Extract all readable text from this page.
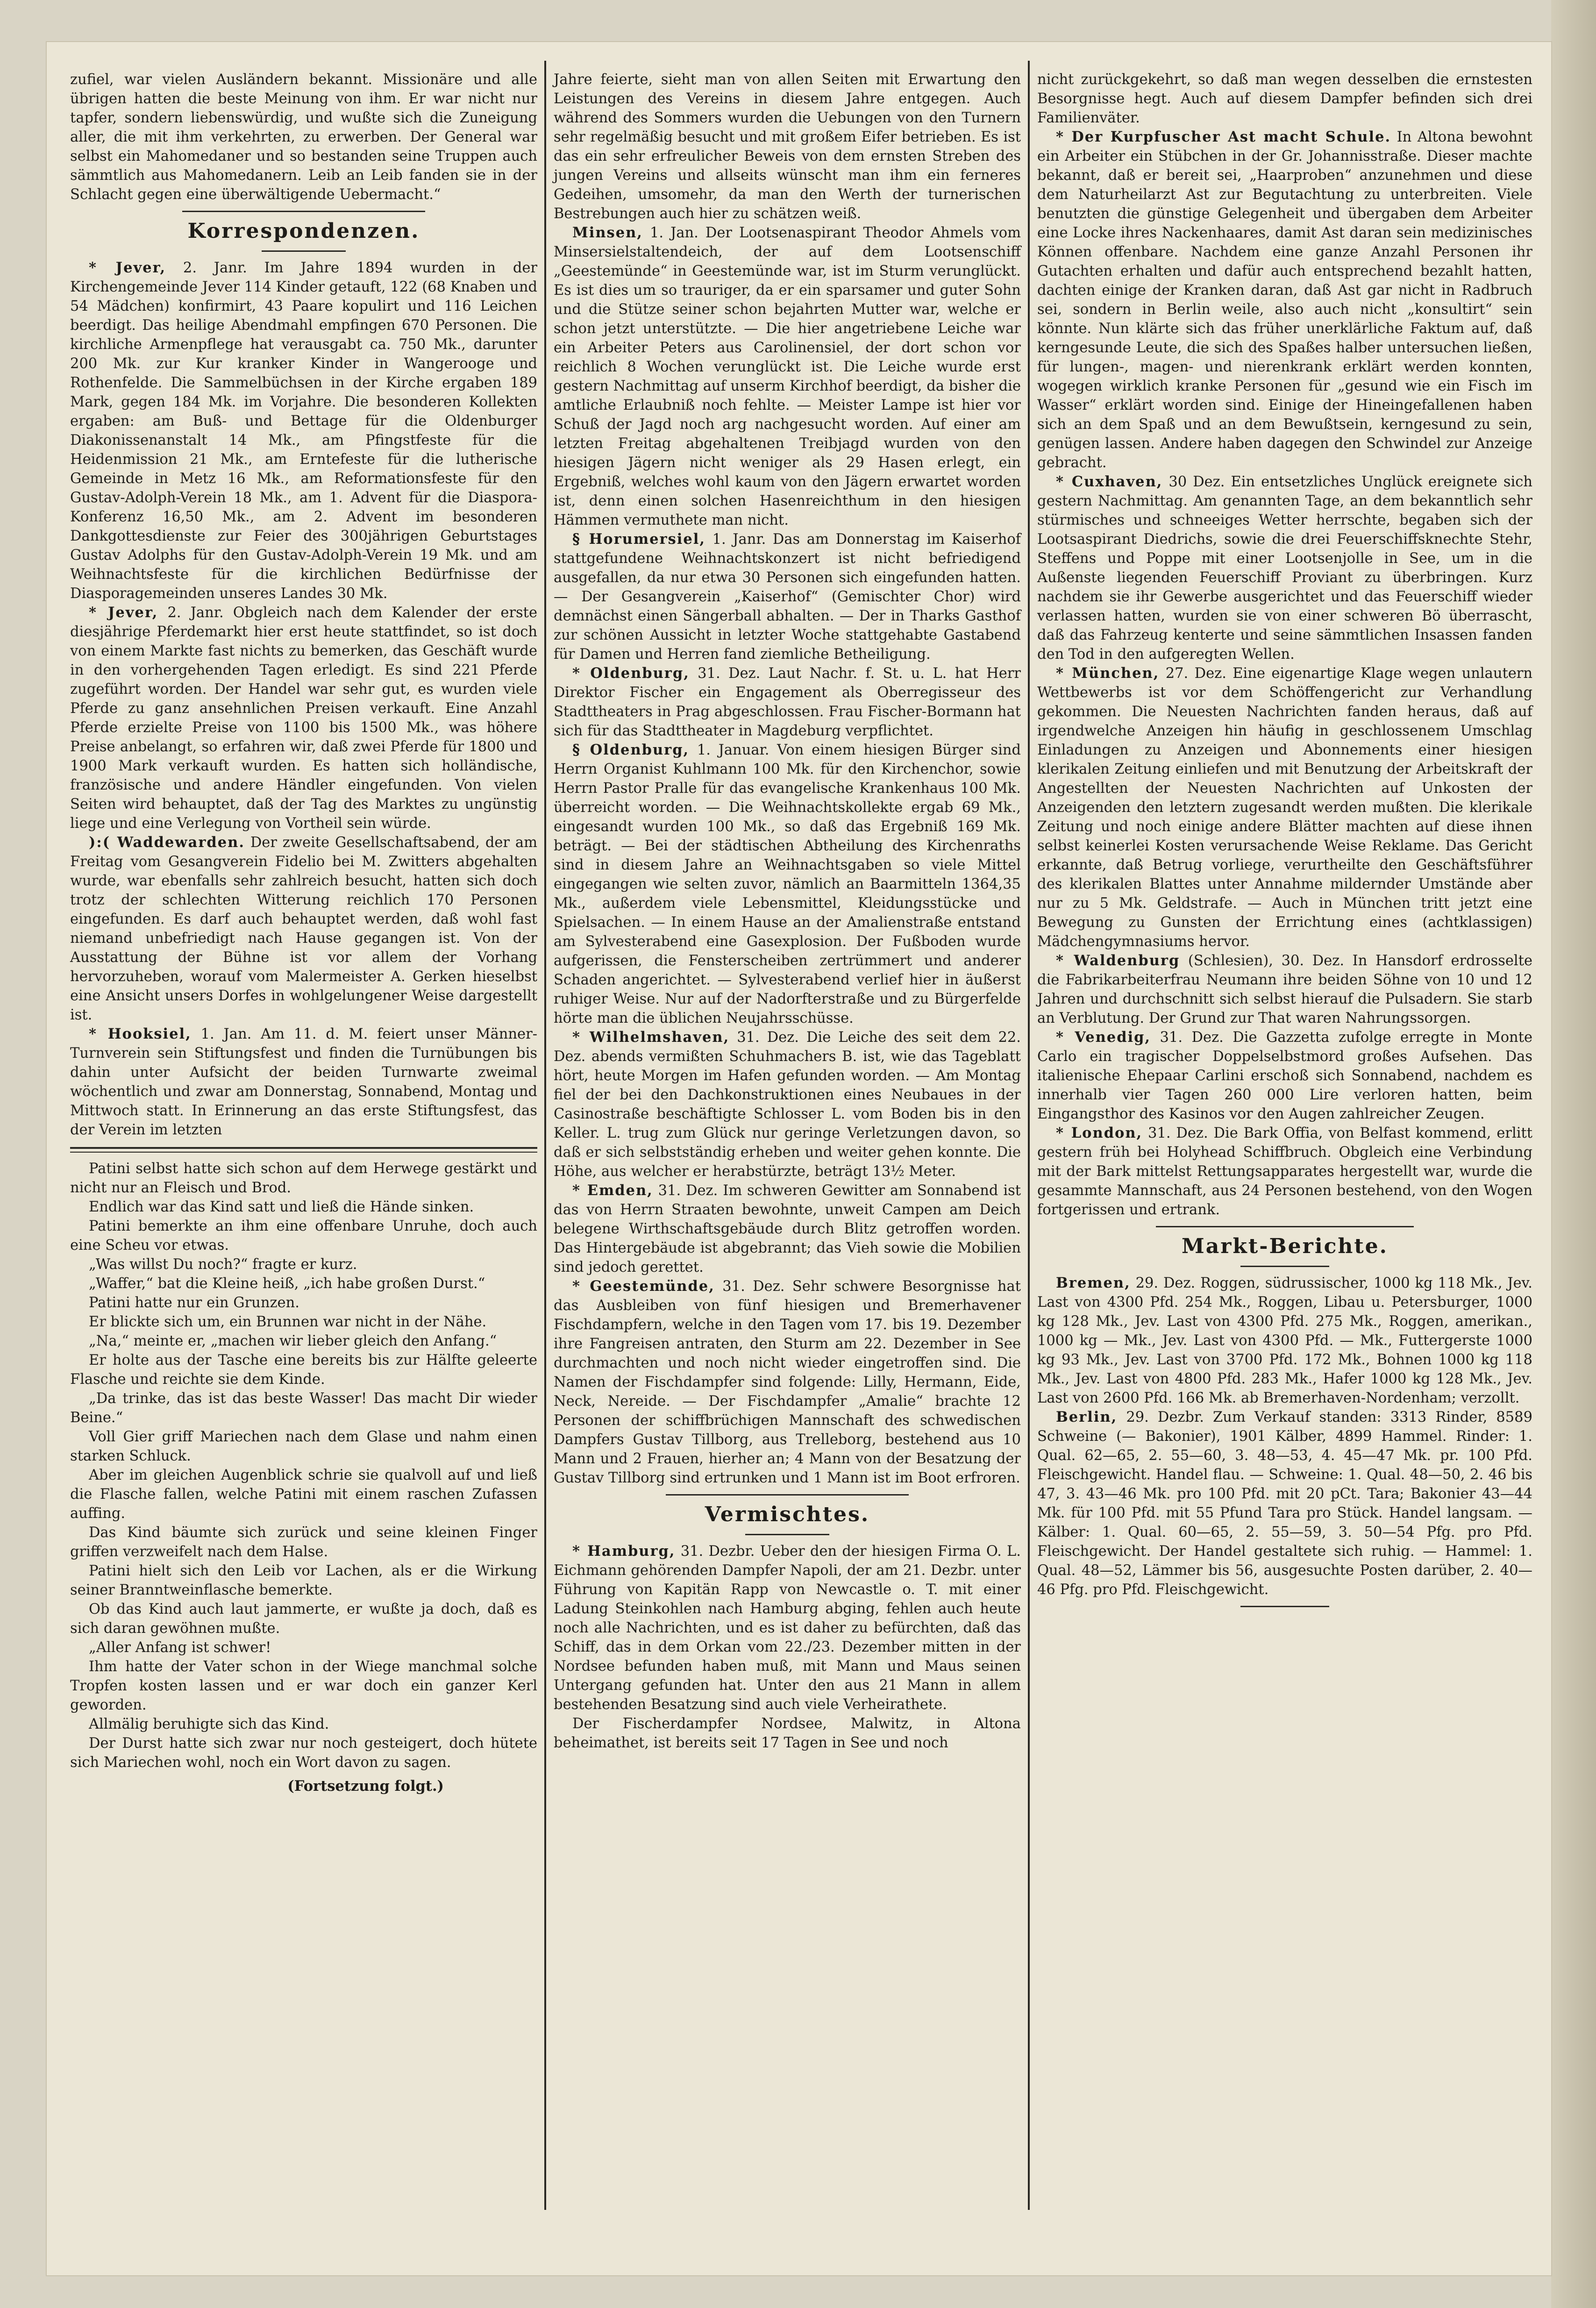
zufiel, war vielen Ausländern bekannt. Missionäre und alle übrigen hatten die beste Meinung von ihm. Er war nicht nur tapfer, sondern liebenswürdig, und wußte sich die Zuneigung aller, die mit ihm verkehrten, zu erwerben. Der General war selbst ein Mahomedaner und so bestanden seine Truppen auch sämmtlich aus Mahomedanern. Leib an Leib fanden sie in der Schlacht gegen eine überwältigende Uebermacht.“

Korrespondenzen.

* Jever, 2. Janr. Im Jahre 1894 wurden in der Kirchengemeinde Jever 114 Kinder getauft, 122 (68 Knaben und 54 Mädchen) konfirmirt, 43 Paare kopulirt und 116 Leichen beerdigt. Das heilige Abendmahl empfingen 670 Personen. Die kirchliche Armenpflege hat verausgabt ca. 750 Mk., darunter 200 Mk. zur Kur kranker Kinder in Wangerooge und Rothenfelde. Die Sammelbüchsen in der Kirche ergaben 189 Mark, gegen 184 Mk. im Vorjahre. Die besonderen Kollekten ergaben: am Buß- und Bettage für die Oldenburger Diakonissenanstalt 14 Mk., am Pfingstfeste für die Heidenmission 21 Mk., am Erntefeste für die lutherische Gemeinde in Metz 16 Mk., am Reformationsfeste für den Gustav-Adolph-Verein 18 Mk., am 1. Advent für die Diaspora-Konferenz 16,50 Mk., am 2. Advent im besonderen Dankgottesdienste zur Feier des 300jährigen Geburtstages Gustav Adolphs für den Gustav-Adolph-Verein 19 Mk. und am Weihnachtsfeste für die kirchlichen Bedürfnisse der Diasporagemeinden unseres Landes 30 Mk.

* Jever, 2. Janr. Obgleich nach dem Kalender der erste diesjährige Pferdemarkt hier erst heute stattfindet, so ist doch von einem Markte fast nichts zu bemerken, das Geschäft wurde in den vorhergehenden Tagen erledigt. Es sind 221 Pferde zugeführt worden. Der Handel war sehr gut, es wurden viele Pferde zu ganz ansehnlichen Preisen verkauft. Eine Anzahl Pferde erzielte Preise von 1100 bis 1500 Mk., was höhere Preise anbelangt, so erfahren wir, daß zwei Pferde für 1800 und 1900 Mark verkauft wurden. Es hatten sich holländische, französische und andere Händler eingefunden. Von vielen Seiten wird behauptet, daß der Tag des Marktes zu ungünstig liege und eine Verlegung von Vortheil sein würde.

):( Waddewarden. Der zweite Gesellschaftsabend, der am Freitag vom Gesangverein Fidelio bei M. Zwitters abgehalten wurde, war ebenfalls sehr zahlreich besucht, hatten sich doch trotz der schlechten Witterung reichlich 170 Personen eingefunden. Es darf auch behauptet werden, daß wohl fast niemand unbefriedigt nach Hause gegangen ist. Von der Ausstattung der Bühne ist vor allem der Vorhang hervorzuheben, worauf vom Malermeister A. Gerken hieselbst eine Ansicht unsers Dorfes in wohlgelungener Weise dargestellt ist.

* Hooksiel, 1. Jan. Am 11. d. M. feiert unser Männer-Turnverein sein Stiftungsfest und finden die Turnübungen bis dahin unter Aufsicht der beiden Turnwarte zweimal wöchentlich und zwar am Donnerstag, Sonnabend, Montag und Mittwoch statt. In Erinnerung an das erste Stiftungsfest, das der Verein im letzten

Patini selbst hatte sich schon auf dem Herwege gestärkt und nicht nur an Fleisch und Brod.

Endlich war das Kind satt und ließ die Hände sinken.

Patini bemerkte an ihm eine offenbare Unruhe, doch auch eine Scheu vor etwas.

„Was willst Du noch?“ fragte er kurz.

„Waffer,“ bat die Kleine heiß, „ich habe großen Durst.“

Patini hatte nur ein Grunzen.

Er blickte sich um, ein Brunnen war nicht in der Nähe.

„Na,“ meinte er, „machen wir lieber gleich den Anfang.“

Er holte aus der Tasche eine bereits bis zur Hälfte geleerte Flasche und reichte sie dem Kinde.

„Da trinke, das ist das beste Wasser! Das macht Dir wieder Beine.“

Voll Gier griff Mariechen nach dem Glase und nahm einen starken Schluck.

Aber im gleichen Augenblick schrie sie qualvoll auf und ließ die Flasche fallen, welche Patini mit einem raschen Zufassen auffing.

Das Kind bäumte sich zurück und seine kleinen Finger griffen verzweifelt nach dem Halse.

Patini hielt sich den Leib vor Lachen, als er die Wirkung seiner Branntweinflasche bemerkte.

Ob das Kind auch laut jammerte, er wußte ja doch, daß es sich daran gewöhnen mußte.

„Aller Anfang ist schwer!

Ihm hatte der Vater schon in der Wiege manchmal solche Tropfen kosten lassen und er war doch ein ganzer Kerl geworden.

Allmälig beruhigte sich das Kind.

Der Durst hatte sich zwar nur noch gesteigert, doch hütete sich Mariechen wohl, noch ein Wort davon zu sagen.

(Fortsetzung folgt.)

Jahre feierte, sieht man von allen Seiten mit Erwartung den Leistungen des Vereins in diesem Jahre entgegen. Auch während des Sommers wurden die Uebungen von den Turnern sehr regelmäßig besucht und mit großem Eifer betrieben. Es ist das ein sehr erfreulicher Beweis von dem ernsten Streben des jungen Vereins und allseits wünscht man ihm ein ferneres Gedeihen, umsomehr, da man den Werth der turnerischen Bestrebungen auch hier zu schätzen weiß.

Minsen, 1. Jan. Der Lootsenaspirant Theodor Ahmels vom Minsersielstaltendeich, der auf dem Lootsenschiff „Geestemünde“ in Geestemünde war, ist im Sturm verunglückt. Es ist dies um so trauriger, da er ein sparsamer und guter Sohn und die Stütze seiner schon bejahrten Mutter war, welche er schon jetzt unterstützte. — Die hier angetriebene Leiche war ein Arbeiter Peters aus Carolinensiel, der dort schon vor reichlich 8 Wochen verunglückt ist. Die Leiche wurde erst gestern Nachmittag auf unserm Kirchhof beerdigt, da bisher die amtliche Erlaubniß noch fehlte. — Meister Lampe ist hier vor Schuß der Jagd noch arg nachgesucht worden. Auf einer am letzten Freitag abgehaltenen Treibjagd wurden von den hiesigen Jägern nicht weniger als 29 Hasen erlegt, ein Ergebniß, welches wohl kaum von den Jägern erwartet worden ist, denn einen solchen Hasenreichthum in den hiesigen Hämmen vermuthete man nicht.

§ Horumersiel, 1. Janr. Das am Donnerstag im Kaiserhof stattgefundene Weihnachtskonzert ist nicht befriedigend ausgefallen, da nur etwa 30 Personen sich eingefunden hatten. — Der Gesangverein „Kaiserhof“ (Gemischter Chor) wird demnächst einen Sängerball abhalten. — Der in Tharks Gasthof zur schönen Aussicht in letzter Woche stattgehabte Gastabend für Damen und Herren fand ziemliche Betheiligung.

* Oldenburg, 31. Dez. Laut Nachr. f. St. u. L. hat Herr Direktor Fischer ein Engagement als Oberregisseur des Stadttheaters in Prag abgeschlossen. Frau Fischer-Bormann hat sich für das Stadttheater in Magdeburg verpflichtet.

§ Oldenburg, 1. Januar. Von einem hiesigen Bürger sind Herrn Organist Kuhlmann 100 Mk. für den Kirchenchor, sowie Herrn Pastor Pralle für das evangelische Krankenhaus 100 Mk. überreicht worden. — Die Weihnachtskollekte ergab 69 Mk., eingesandt wurden 100 Mk., so daß das Ergebniß 169 Mk. beträgt. — Bei der städtischen Abtheilung des Kirchenraths sind in diesem Jahre an Weihnachtsgaben so viele Mittel eingegangen wie selten zuvor, nämlich an Baarmitteln 1364,35 Mk., außerdem viele Lebensmittel, Kleidungsstücke und Spielsachen. — In einem Hause an der Amalienstraße entstand am Sylvesterabend eine Gasexplosion. Der Fußboden wurde aufgerissen, die Fensterscheiben zertrümmert und anderer Schaden angerichtet. — Sylvesterabend verlief hier in äußerst ruhiger Weise. Nur auf der Nadorfterstraße und zu Bürgerfelde hörte man die üblichen Neujahrsschüsse.

* Wilhelmshaven, 31. Dez. Die Leiche des seit dem 22. Dez. abends vermißten Schuhmachers B. ist, wie das Tageblatt hört, heute Morgen im Hafen gefunden worden. — Am Montag fiel der bei den Dachkonstruktionen eines Neubaues in der Casinostraße beschäftigte Schlosser L. vom Boden bis in den Keller. L. trug zum Glück nur geringe Verletzungen davon, so daß er sich selbstständig erheben und weiter gehen konnte. Die Höhe, aus welcher er herabstürzte, beträgt 13½ Meter.

* Emden, 31. Dez. Im schweren Gewitter am Sonnabend ist das von Herrn Straaten bewohnte, unweit Campen am Deich belegene Wirthschaftsgebäude durch Blitz getroffen worden. Das Hintergebäude ist abgebrannt; das Vieh sowie die Mobilien sind jedoch gerettet.

* Geestemünde, 31. Dez. Sehr schwere Besorgnisse hat das Ausbleiben von fünf hiesigen und Bremerhavener Fischdampfern, welche in den Tagen vom 17. bis 19. Dezember ihre Fangreisen antraten, den Sturm am 22. Dezember in See durchmachten und noch nicht wieder eingetroffen sind. Die Namen der Fischdampfer sind folgende: Lilly, Hermann, Eide, Neck, Nereide. — Der Fischdampfer „Amalie“ brachte 12 Personen der schiffbrüchigen Mannschaft des schwedischen Dampfers Gustav Tillborg, aus Trelleborg, bestehend aus 10 Mann und 2 Frauen, hierher an; 4 Mann von der Besatzung der Gustav Tillborg sind ertrunken und 1 Mann ist im Boot erfroren.

Vermischtes.

* Hamburg, 31. Dezbr. Ueber den der hiesigen Firma O. L. Eichmann gehörenden Dampfer Napoli, der am 21. Dezbr. unter Führung von Kapitän Rapp von Newcastle o. T. mit einer Ladung Steinkohlen nach Hamburg abging, fehlen auch heute noch alle Nachrichten, und es ist daher zu befürchten, daß das Schiff, das in dem Orkan vom 22./23. Dezember mitten in der Nordsee befunden haben muß, mit Mann und Maus seinen Untergang gefunden hat. Unter den aus 21 Mann in allem bestehenden Besatzung sind auch viele Verheirathete.

Der Fischerdampfer Nordsee, Malwitz, in Altona beheimathet, ist bereits seit 17 Tagen in See und noch

nicht zurückgekehrt, so daß man wegen desselben die ernstesten Besorgnisse hegt. Auch auf diesem Dampfer befinden sich drei Familienväter.

* Der Kurpfuscher Ast macht Schule. In Altona bewohnt ein Arbeiter ein Stübchen in der Gr. Johannisstraße. Dieser machte bekannt, daß er bereit sei, „Haarproben“ anzunehmen und diese dem Naturheilarzt Ast zur Begutachtung zu unterbreiten. Viele benutzten die günstige Gelegenheit und übergaben dem Arbeiter eine Locke ihres Nackenhaares, damit Ast daran sein medizinisches Können offenbare. Nachdem eine ganze Anzahl Personen ihr Gutachten erhalten und dafür auch entsprechend bezahlt hatten, dachten einige der Kranken daran, daß Ast gar nicht in Radbruch sei, sondern in Berlin weile, also auch nicht „konsultirt“ sein könnte. Nun klärte sich das früher unerklärliche Faktum auf, daß kerngesunde Leute, die sich des Spaßes halber untersuchen ließen, für lungen-, magen- und nierenkrank erklärt werden konnten, wogegen wirklich kranke Personen für „gesund wie ein Fisch im Wasser“ erklärt worden sind. Einige der Hineingefallenen haben sich an dem Spaß und an dem Bewußtsein, kerngesund zu sein, genügen lassen. Andere haben dagegen den Schwindel zur Anzeige gebracht.

* Cuxhaven, 30 Dez. Ein entsetzliches Unglück ereignete sich gestern Nachmittag. Am genannten Tage, an dem bekanntlich sehr stürmisches und schneeiges Wetter herrschte, begaben sich der Lootsaspirant Diedrichs, sowie die drei Feuerschiffsknechte Stehr, Steffens und Poppe mit einer Lootsenjolle in See, um in die Außenste liegenden Feuerschiff Proviant zu überbringen. Kurz nachdem sie ihr Gewerbe ausgerichtet und das Feuerschiff wieder verlassen hatten, wurden sie von einer schweren Bö überrascht, daß das Fahrzeug kenterte und seine sämmtlichen Insassen fanden den Tod in den aufgeregten Wellen.

* München, 27. Dez. Eine eigenartige Klage wegen unlautern Wettbewerbs ist vor dem Schöffengericht zur Verhandlung gekommen. Die Neuesten Nachrichten fanden heraus, daß auf irgendwelche Anzeigen hin häufig in geschlossenem Umschlag Einladungen zu Anzeigen und Abonnements einer hiesigen klerikalen Zeitung einliefen und mit Benutzung der Arbeitskraft der Angestellten der Neuesten Nachrichten auf Unkosten der Anzeigenden den letztern zugesandt werden mußten. Die klerikale Zeitung und noch einige andere Blätter machten auf diese ihnen selbst keinerlei Kosten verursachende Weise Reklame. Das Gericht erkannte, daß Betrug vorliege, verurtheilte den Geschäftsführer des klerikalen Blattes unter Annahme mildernder Umstände aber nur zu 5 Mk. Geldstrafe. — Auch in München tritt jetzt eine Bewegung zu Gunsten der Errichtung eines (achtklassigen) Mädchengymnasiums hervor.

* Waldenburg (Schlesien), 30. Dez. In Hansdorf erdrosselte die Fabrikarbeiterfrau Neumann ihre beiden Söhne von 10 und 12 Jahren und durchschnitt sich selbst hierauf die Pulsadern. Sie starb an Verblutung. Der Grund zur That waren Nahrungssorgen.

* Venedig, 31. Dez. Die Gazzetta zufolge erregte in Monte Carlo ein tragischer Doppelselbstmord großes Aufsehen. Das italienische Ehepaar Carlini erschoß sich Sonnabend, nachdem es innerhalb vier Tagen 260 000 Lire verloren hatten, beim Eingangsthor des Kasinos vor den Augen zahlreicher Zeugen.

* London, 31. Dez. Die Bark Offia, von Belfast kommend, erlitt gestern früh bei Holyhead Schiffbruch. Obgleich eine Verbindung mit der Bark mittelst Rettungsapparates hergestellt war, wurde die gesammte Mannschaft, aus 24 Personen bestehend, von den Wogen fortgerissen und ertrank.

Markt-Berichte.

Bremen, 29. Dez. Roggen, südrussischer, 1000 kg 118 Mk., Jev. Last von 4300 Pfd. 254 Mk., Roggen, Libau u. Petersburger, 1000 kg 128 Mk., Jev. Last von 4300 Pfd. 275 Mk., Roggen, amerikan., 1000 kg — Mk., Jev. Last von 4300 Pfd. — Mk., Futtergerste 1000 kg 93 Mk., Jev. Last von 3700 Pfd. 172 Mk., Bohnen 1000 kg 118 Mk., Jev. Last von 4800 Pfd. 283 Mk., Hafer 1000 kg 128 Mk., Jev. Last von 2600 Pfd. 166 Mk. ab Bremerhaven-Nordenham; verzollt.

Berlin, 29. Dezbr. Zum Verkauf standen: 3313 Rinder, 8589 Schweine (— Bakonier), 1901 Kälber, 4899 Hammel. Rinder: 1. Qual. 62—65, 2. 55—60, 3. 48—53, 4. 45—47 Mk. pr. 100 Pfd. Fleischgewicht. Handel flau. — Schweine: 1. Qual. 48—50, 2. 46 bis 47, 3. 43—46 Mk. pro 100 Pfd. mit 20 pCt. Tara; Bakonier 43—44 Mk. für 100 Pfd. mit 55 Pfund Tara pro Stück. Handel langsam. — Kälber: 1. Qual. 60—65, 2. 55—59, 3. 50—54 Pfg. pro Pfd. Fleischgewicht. Der Handel gestaltete sich ruhig. — Hammel: 1. Qual. 48—52, Lämmer bis 56, ausgesuchte Posten darüber, 2. 40—46 Pfg. pro Pfd. Fleischgewicht.
